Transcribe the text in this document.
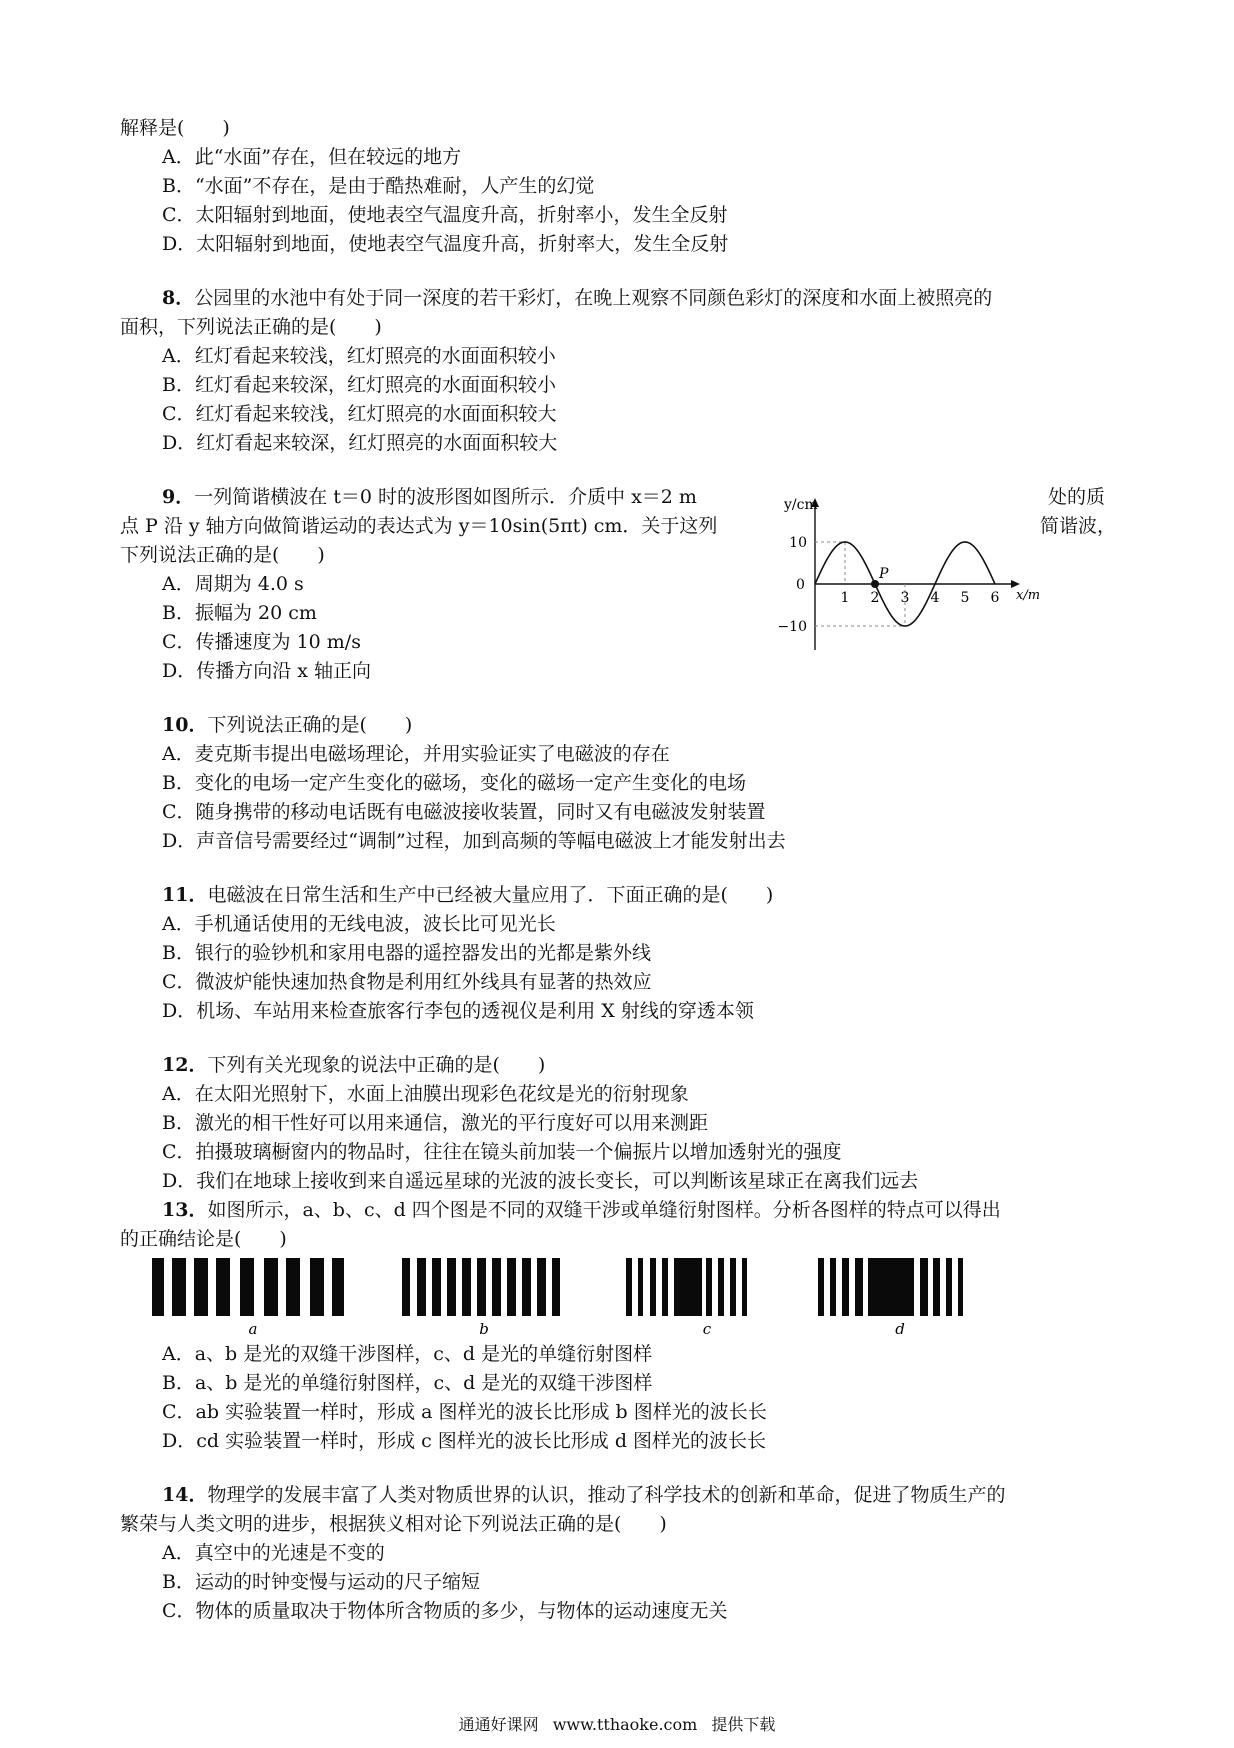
解释是(　　)
A．此“水面”存在，但在较远的地方
B．“水面”不存在，是由于酷热难耐，人产生的幻觉
C．太阳辐射到地面，使地表空气温度升高，折射率小，发生全反射
D．太阳辐射到地面，使地表空气温度升高，折射率大，发生全反射
8．公园里的水池中有处于同一深度的若干彩灯，在晚上观察不同颜色彩灯的深度和水面上被照亮的
面积，下列说法正确的是(　　)
A．红灯看起来较浅，红灯照亮的水面面积较小
B．红灯看起来较深，红灯照亮的水面面积较小
C．红灯看起来较浅，红灯照亮的水面面积较大
D．红灯看起来较深，红灯照亮的水面面积较大
9．一列简谐横波在 t＝0 时的波形图如图所示．介质中 x＝2 m	处的质
点 P 沿 y 轴方向做简谐运动的表达式为 y＝10sin(5πt) cm．关于这列	简谐波，
下列说法正确的是(　　)
A．周期为 4.0 s
B．振幅为 20 cm
C．传播速度为 10 m/s
D．传播方向沿 x 轴正向
y/cm
x/m
0
P
10
−10
1 2 3 4 5 6
10．下列说法正确的是(　　)
A．麦克斯韦提出电磁场理论，并用实验证实了电磁波的存在
B．变化的电场一定产生变化的磁场，变化的磁场一定产生变化的电场
C．随身携带的移动电话既有电磁波接收装置，同时又有电磁波发射装置
D．声音信号需要经过“调制”过程，加到高频的等幅电磁波上才能发射出去
11．电磁波在日常生活和生产中已经被大量应用了．下面正确的是(　　)
A．手机通话使用的无线电波，波长比可见光长
B．银行的验钞机和家用电器的遥控器发出的光都是紫外线
C．微波炉能快速加热食物是利用红外线具有显著的热效应
D．机场、车站用来检查旅客行李包的透视仪是利用 X 射线的穿透本领
12．下列有关光现象的说法中正确的是(　　)
A．在太阳光照射下，水面上油膜出现彩色花纹是光的衍射现象
B．激光的相干性好可以用来通信，激光的平行度好可以用来测距
C．拍摄玻璃橱窗内的物品时，往往在镜头前加装一个偏振片以增加透射光的强度
D．我们在地球上接收到来自遥远星球的光波的波长变长，可以判断该星球正在离我们远去
13．如图所示，a、b、c、d 四个图是不同的双缝干涉或单缝衍射图样。分析各图样的特点可以得出
的正确结论是(　　)
a	b	c	d
A．a、b 是光的双缝干涉图样，c、d 是光的单缝衍射图样
B．a、b 是光的单缝衍射图样，c、d 是光的双缝干涉图样
C．ab 实验装置一样时，形成 a 图样光的波长比形成 b 图样光的波长长
D．cd 实验装置一样时，形成 c 图样光的波长比形成 d 图样光的波长长
14．物理学的发展丰富了人类对物质世界的认识，推动了科学技术的创新和革命，促进了物质生产的
繁荣与人类文明的进步，根据狭义相对论下列说法正确的是(　　)
A．真空中的光速是不变的
B．运动的时钟变慢与运动的尺子缩短
C．物体的质量取决于物体所含物质的多少，与物体的运动速度无关
通通好课网 www.tthaoke.com 提供下载
